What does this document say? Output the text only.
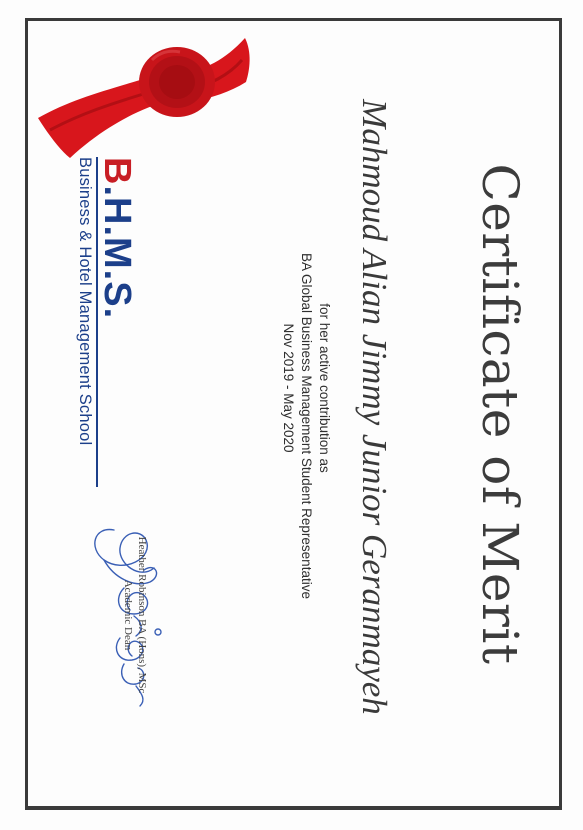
Certificate of Merit
Mahmoud Alian Jimmy Junior Geranmayeh
for her active contribution as
BA Global Business Management Student Representative
Nov 2019 - May 2020
B.H.M.S.
Business & Hotel Management School
Heather Robinson BA (Hons), MSc
Academic Dean
